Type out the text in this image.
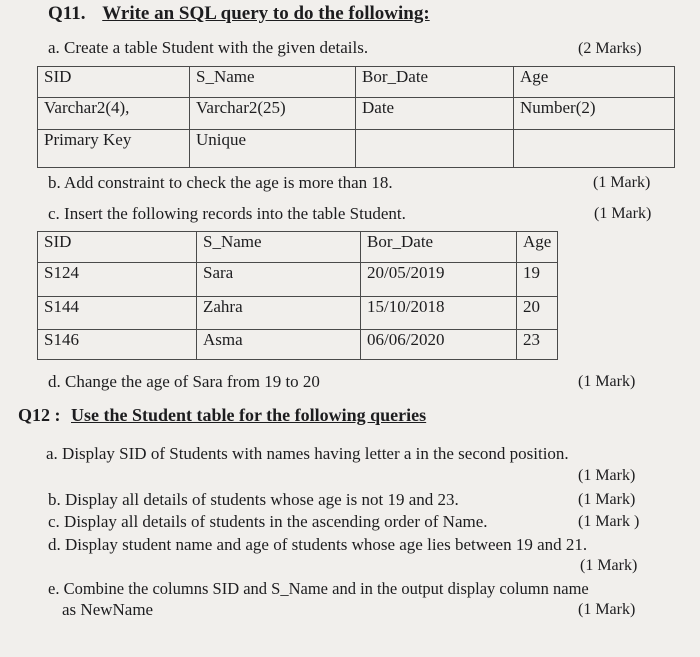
Q11. Write an SQL query to do the following:
a. Create a table Student with the given details.	(2 Marks)
SID	S_Name	Bor_Date	Age
Varchar2(4),	Varchar2(25)	Date	Number(2)
Primary Key	Unique		
b. Add constraint to check the age is more than 18.	(1 Mark)
c. Insert the following records into the table Student.	(1 Mark)
SID	S_Name	Bor_Date	Age
S124	Sara	20/05/2019	19
S144	Zahra	15/10/2018	20
S146	Asma	06/06/2020	23
d. Change the age of Sara from 19 to 20	(1 Mark)
Q12 : Use the Student table for the following queries
a. Display SID of Students with names having letter a in the second position.
(1 Mark)
b. Display all details of students whose age is not 19 and 23.	(1 Mark)
c. Display all details of students in the ascending order of Name.	(1 Mark )
d. Display student name and age of students whose age lies between 19 and 21.
(1 Mark)
e. Combine the columns SID and S_Name and in the output display column name
as NewName	(1 Mark)
